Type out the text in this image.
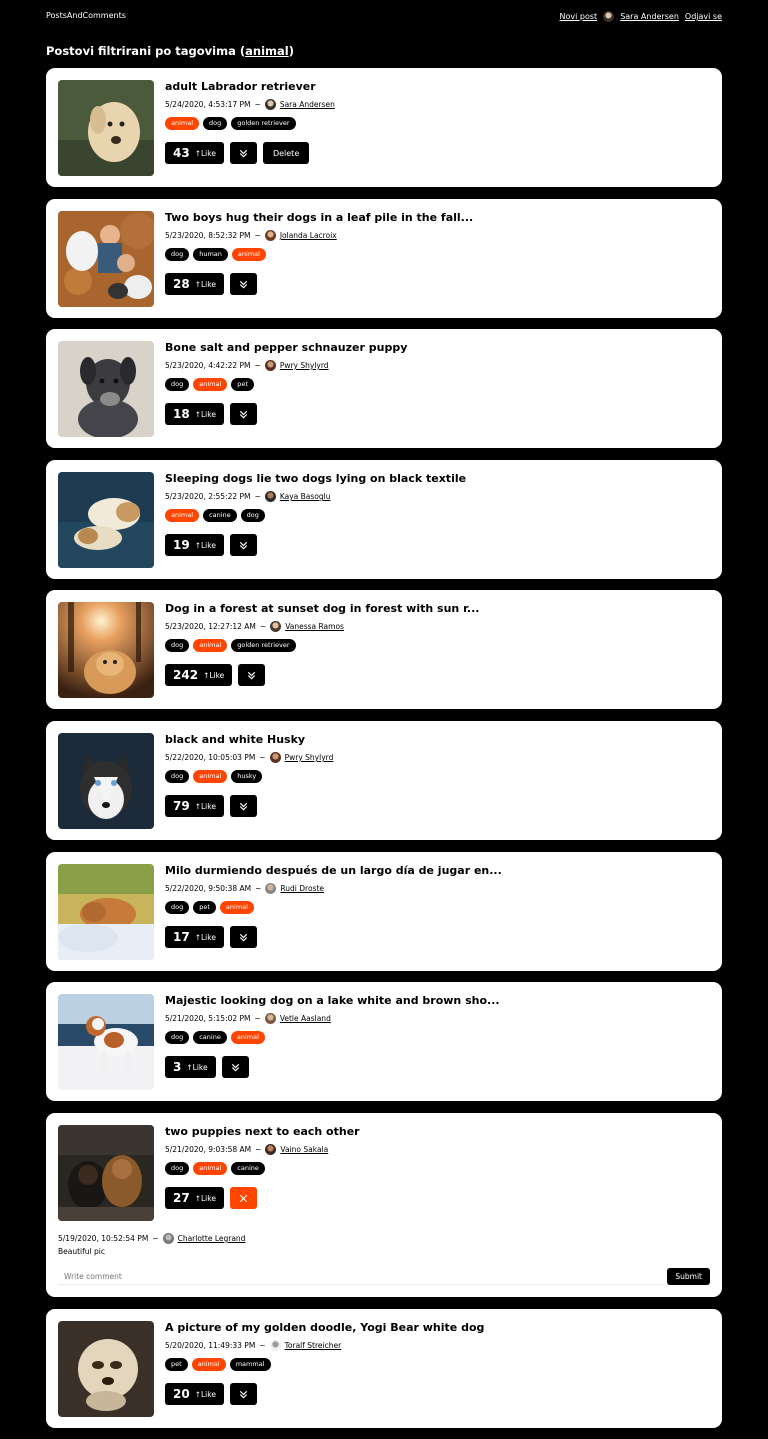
PostsAndComments	Novi post	Sara Andersen Odjavi se
Postovi filtrirani po tagovima (animal)
adult Labrador retriever
5/24/2020, 4:53:17 PM ~	Sara Andersen
animal	dog	golden retriever
43 ↑Like	Delete
Two boys hug their dogs in a leaf pile in the fall...
5/23/2020, 8:52:32 PM ~	Jolanda Lacroix
dog	human	animal
28 ↑Like
Bone salt and pepper schnauzer puppy
5/23/2020, 4:42:22 PM ~	Pwry Shylyrd
dog	animal	pet
18 ↑Like
Sleeping dogs lie two dogs lying on black textile
5/23/2020, 2:55:22 PM ~	Kaya Basoglu
animal	canine	dog
19 ↑Like
Dog in a forest at sunset dog in forest with sun r...
5/23/2020, 12:27:12 AM ~	Vanessa Ramos
dog	animal	golden retriever
242 ↑Like
black and white Husky
5/22/2020, 10:05:03 PM ~	Pwry Shylyrd
dog	animal	husky
79 ↑Like
Milo durmiendo después de un largo día de jugar en...
5/22/2020, 9:50:38 AM ~	Rudi Droste
dog	pet	animal
17 ↑Like
Majestic looking dog on a lake white and brown sho...
5/21/2020, 5:15:02 PM ~	Vetle Aasland
dog	canine	animal
3 ↑Like
two puppies next to each other
5/21/2020, 9:03:58 AM ~	Vaino Sakala
dog	animal	canine
27 ↑Like
5/19/2020, 10:52:54 PM ~	Charlotte Legrand
Beautiful pic
Write comment
Submit
A picture of my golden doodle, Yogi Bear white dog
5/20/2020, 11:49:33 PM ~	Toralf Streicher
pet	animal	mammal
20 ↑Like
